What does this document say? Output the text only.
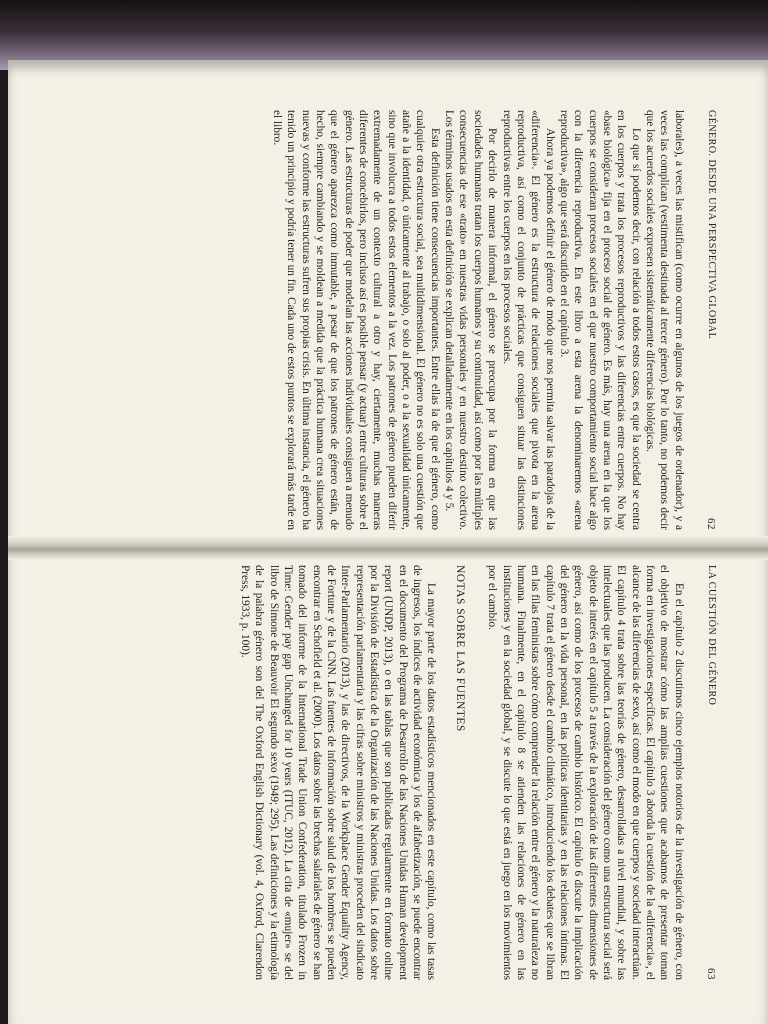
62
GÉNERO. DESDE UNA PERSPECTIVA GLOBAL

laborales), a veces las mistifican (como ocurre en algunos de los juegos de ordenador), y a veces las complican (vestimenta destinada al tercer género). Por lo tanto, no podemos decir que los acuerdos sociales expresen sistemáticamente diferencias biológicas.

Lo que sí podemos decir, con relación a todos estos casos, es que la sociedad se centra en los cuerpos y trata los procesos reproductivos y las diferencias entre cuerpos. No hay «base biológica» fija en el proceso social de género. Es más, hay una arena en la que los cuerpos se consideran procesos sociales en el que nuestro comportamiento social hace algo con la diferencia reproductiva. En este libro a esta arena la denominaremos «arena reproductiva», algo que será discutido en el capítulo 3.

Ahora ya podemos definir el género de modo que nos permita salvar las paradojas de la «diferencia». El género es la estructura de relaciones sociales que pivota en la arena reproductiva, así como el conjunto de prácticas que consiguen situar las distinciones reproductivas entre los cuerpos en los procesos sociales.

Por decirlo de manera informal, el género se preocupa por la forma en que las sociedades humanas tratan los cuerpos humanos y su continuidad, así como por las múltiples consecuencias de ese «trato» en nuestras vidas personales y en nuestro destino colectivo. Los términos usados en esta definición se explican detalladamente en los capítulos 4 y 5.

Esta definición tiene consecuencias importantes. Entre ellas la de que el género, como cualquier otra estructura social, sea multidimensional. El género no es solo una cuestión que atañe a la identidad, o únicamente al trabajo, o solo al poder, o a la sexualidad únicamente, sino que involucra a todos estos elementos a la vez. Los patrones de género pueden diferir extremadamente de un contexto cultural a otro y hay, ciertamente, muchas maneras diferentes de concebirlos, pero incluso así es posible pensar (y actuar) entre culturas sobre el género. Las estructuras de poder que modelan las acciones individuales consiguen a menudo que el género aparezca como inmutable, a pesar de que los patrones de género están, de hecho, siempre cambiando y se moldean a medida que la práctica humana crea situaciones nuevas y conforme las estructuras sufren sus propias crisis. En última instancia, el género ha tenido un principio y podría tener un fin. Cada uno de estos puntos se explorará más tarde en el libro.

LA CUESTIÓN DEL GÉNERO
63

En el capítulo 2 discutimos cinco ejemplos notorios de la investigación de género, con el objetivo de mostrar cómo las amplias cuestiones que acabamos de presentar toman forma en investigaciones específicas. El capítulo 3 aborda la cuestión de la «diferencia», el alcance de las diferencias de sexo, así como el modo en que cuerpos y sociedad interactúan. El capítulo 4 trata sobre las teorías de género, desarrolladas a nivel mundial, y sobre las intelectuales que las producen. La consideración del género como una estructura social será objeto de interés en el capítulo 5 a través de la exploración de las diferentes dimensiones de género, así como de los procesos de cambio histórico. El capítulo 6 discute la implicación del género en la vida personal, en las políticas identitarias y en las relaciones íntimas. El capítulo 7 trata el género desde el cambio climático, introduciendo los debates que se libran en las filas feministas sobre cómo comprender la relación entre el género y la naturaleza no humana. Finalmente, en el capítulo 8 se atienden las relaciones de género en las instituciones y en la sociedad global, y se discute lo que está en juego en los movimientos por el cambio.

NOTAS SOBRE LAS FUENTES

La mayor parte de los datos estadísticos mencionados en este capítulo, como las tasas de ingresos, los índices de actividad económica y los de alfabetización, se puede encontrar en el documento del Programa de Desarrollo de las Naciones Unidas Human development report (UNDP, 2013), o en las tablas que son publicadas regularmente en formato online por la División de Estadística de la Organización de las Naciones Unidas. Los datos sobre representación parlamentaria y las cifras sobre ministros y ministras proceden del sindicato Inter-Parlamentario (2013), y las de directivos, de la Workplace Gender Equality Agency, de Fortune y de la CNN. Las fuentes de información sobre salud de los hombres se pueden encontrar en Schofield et al. (2000). Los datos sobre las brechas salariales de género se han tomado del informe de la International Trade Union Confederation, titulado Frozen in Time: Gender pay gap Unchanged for 10 years (ITUC, 2012). La cita de «mujer» se del libro de Simone de Beauvoir El segundo sexo (1949; 295). Las definiciones y la etimología de la palabra género son del The Oxford English Dictionary (vol. 4, Oxford, Clarendon Press, 1933, p. 100).
